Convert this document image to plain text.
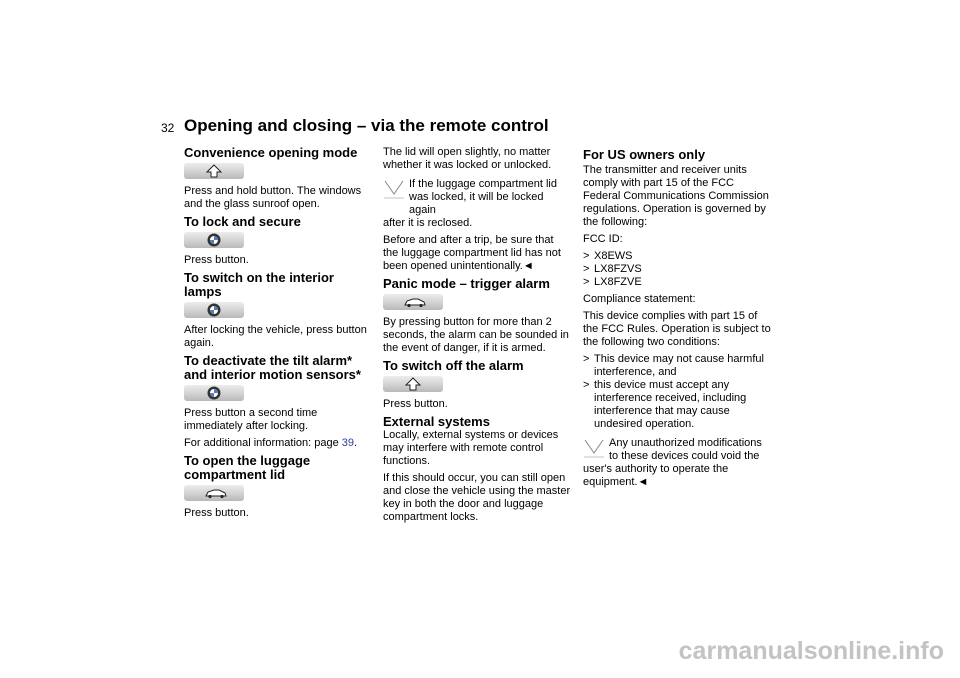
32 Opening and closing – via the remote control
Convenience opening mode

Press and hold button. The windows and the glass sunroof open.

To lock and secure

Press button.

To switch on the interior lamps

After locking the vehicle, press button again.

To deactivate the tilt alarm* and interior motion sensors*

Press button a second time immediately after locking.

For additional information: page 39.

To open the luggage compartment lid

Press button.

The lid will open slightly, no matter whether it was locked or unlocked.

If the luggage compartment lid was locked, it will be locked again
after it is reclosed.

Before and after a trip, be sure that the luggage compartment lid has not been opened unintentionally.◄

Panic mode – trigger alarm

By pressing button for more than 2 seconds, the alarm can be sounded in the event of danger, if it is armed.

To switch off the alarm

Press button.

External systems

Locally, external systems or devices may interfere with remote control functions.

If this should occur, you can still open and close the vehicle using the master key in both the door and luggage compartment locks.

For US owners only

The transmitter and receiver units comply with part 15 of the FCC Federal Communications Commission regulations. Operation is governed by the following:

FCC ID:

> X8EWS
> LX8FZVS
> LX8FZVE

Compliance statement:

This device complies with part 15 of the FCC Rules. Operation is subject to the following two conditions:

> This device may not cause harmful interference, and
> this device must accept any interference received, including interference that may cause undesired operation.
Any unauthorized modifications to these devices could void the
user's authority to operate the equipment.◄
carmanualsonline.info
